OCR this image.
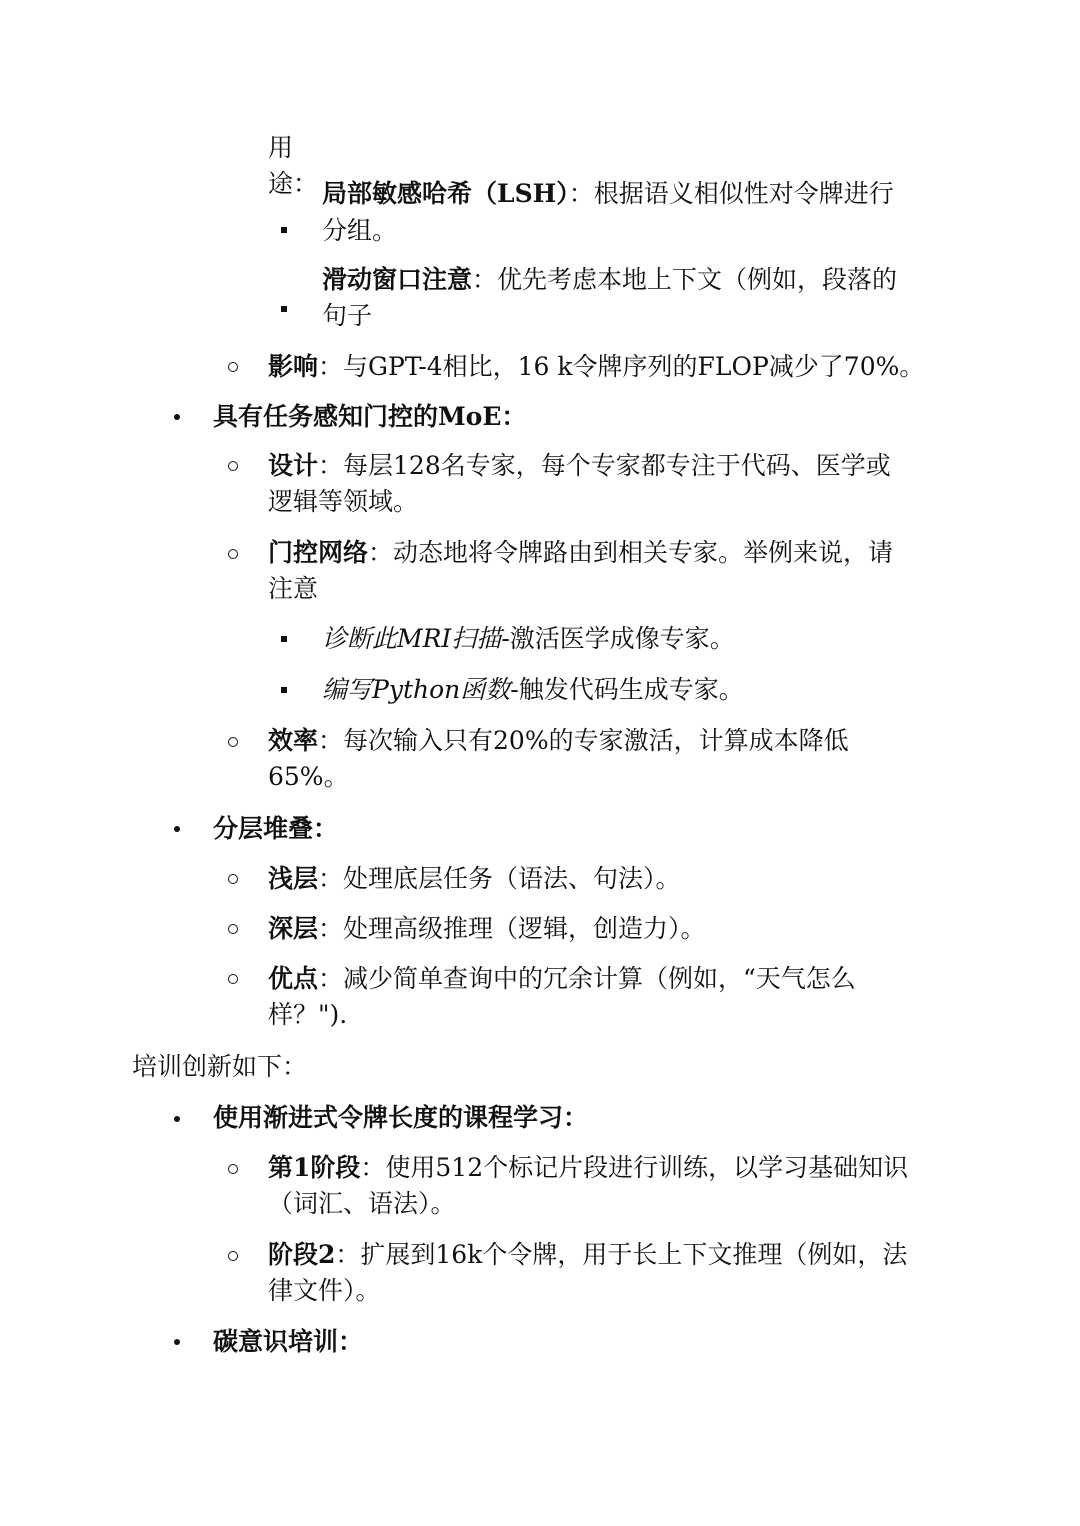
用
途： 局部敏感哈希（LSH）：根据语义相似性对令牌进行
分组。
滑动窗口注意：优先考虑本地上下文（例如，段落的
句子
影响：与GPT-4相比，16 k令牌序列的FLOP减少了70%。
具有任务感知门控的MoE：
设计：每层128名专家，每个专家都专注于代码、医学或
逻辑等领域。
门控网络：动态地将令牌路由到相关专家。举例来说，请
注意
诊断此MRI扫描-激活医学成像专家。
编写Python函数-触发代码生成专家。
效率：每次输入只有20%的专家激活，计算成本降低
65%。
分层堆叠：
浅层：处理底层任务（语法、句法）。
深层：处理高级推理（逻辑，创造力）。
优点：减少简单查询中的冗余计算（例如，“天气怎么
样？").
培训创新如下：
使用渐进式令牌长度的课程学习：
第1阶段：使用512个标记片段进行训练，以学习基础知识
（词汇、语法）。
阶段2：扩展到16k个令牌，用于长上下文推理（例如，法
律文件）。
碳意识培训：
